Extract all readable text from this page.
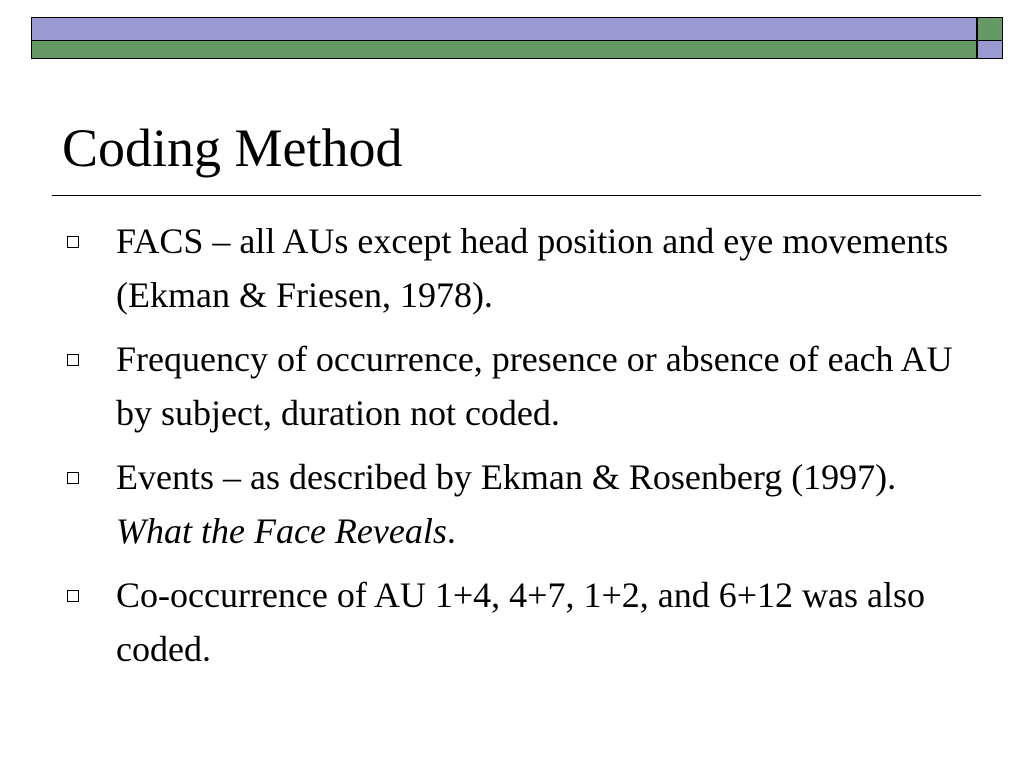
Coding Method
FACS – all AUs except head position and eye movements (Ekman & Friesen, 1978).
Frequency of occurrence, presence or absence of each AU by subject, duration not coded.
Events – as described by Ekman & Rosenberg (1997). What the Face Reveals.
Co-occurrence of AU 1+4, 4+7, 1+2, and 6+12 was also coded.
